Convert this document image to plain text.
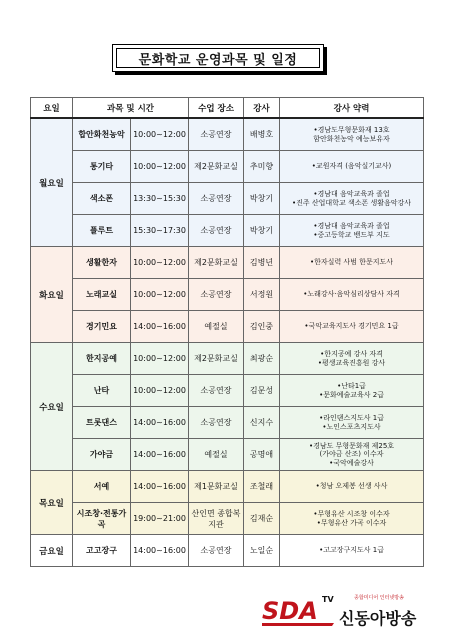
문화학교 운영과목 및 일정
요일	과목 및 시간		수업 장소	강사	강사 약력
월요일	합안화천농악	10:00~12:00	소공연장	배병호	•경남도무형문화재 13호
함안화천농악 예능보유자

	통기타	10:00~12:00	제2문화교실	추미향	•교원자격 (음악실기교사)

	색소폰	13:30~15:30	소공연장	박창기	•경남대 음악교육과 졸업
•진주 산업대학교 색소폰 생활음악강사

	플루트	15:30~17:30	소공연장	박창기	•경남대 음악교육과 졸업
•중고등학교 밴드부 지도

화요일	생활한자	10:00~12:00	제2문화교실	김병년	•한자실력 사범 한문지도사

	노래교실	10:00~12:00	소공연장	서정원	•노래강사·음악심리상담사 자격

	경기민요	14:00~16:00	예절실	김인중	•국악교육지도사 경기민요 1급

수요일	한지공예	10:00~12:00	제2문화교실	최광순	•한지공예 강사 자격
•평생교육진흥원 강사

	난타	10:00~12:00	소공연장	김문성	•난타1급
•문화예술교육사 2급

	트롯댄스	14:00~16:00	소공연장	신지수	•라인댄스지도사 1급
•노인스포츠지도사

	가야금	14:00~16:00	예절실	공명애	•경남도 무형문화재 제25호
(가야금 산조) 이수자
•국악예술강사

목요일	서예	14:00~16:00	제1문화교실	조철래	•청남 오제봉 선생 사사

	시조창·전통가곡	19:00~21:00	산인면 종합복지관	김재순	•무형유산 시조창 이수자
•무형유산 가곡 이수자

금요일	고고장구	14:00~16:00	소공연장	노일순	•고고장구지도사 1급
SDA TV	종합미디어 인터넷방송
신동아방송
